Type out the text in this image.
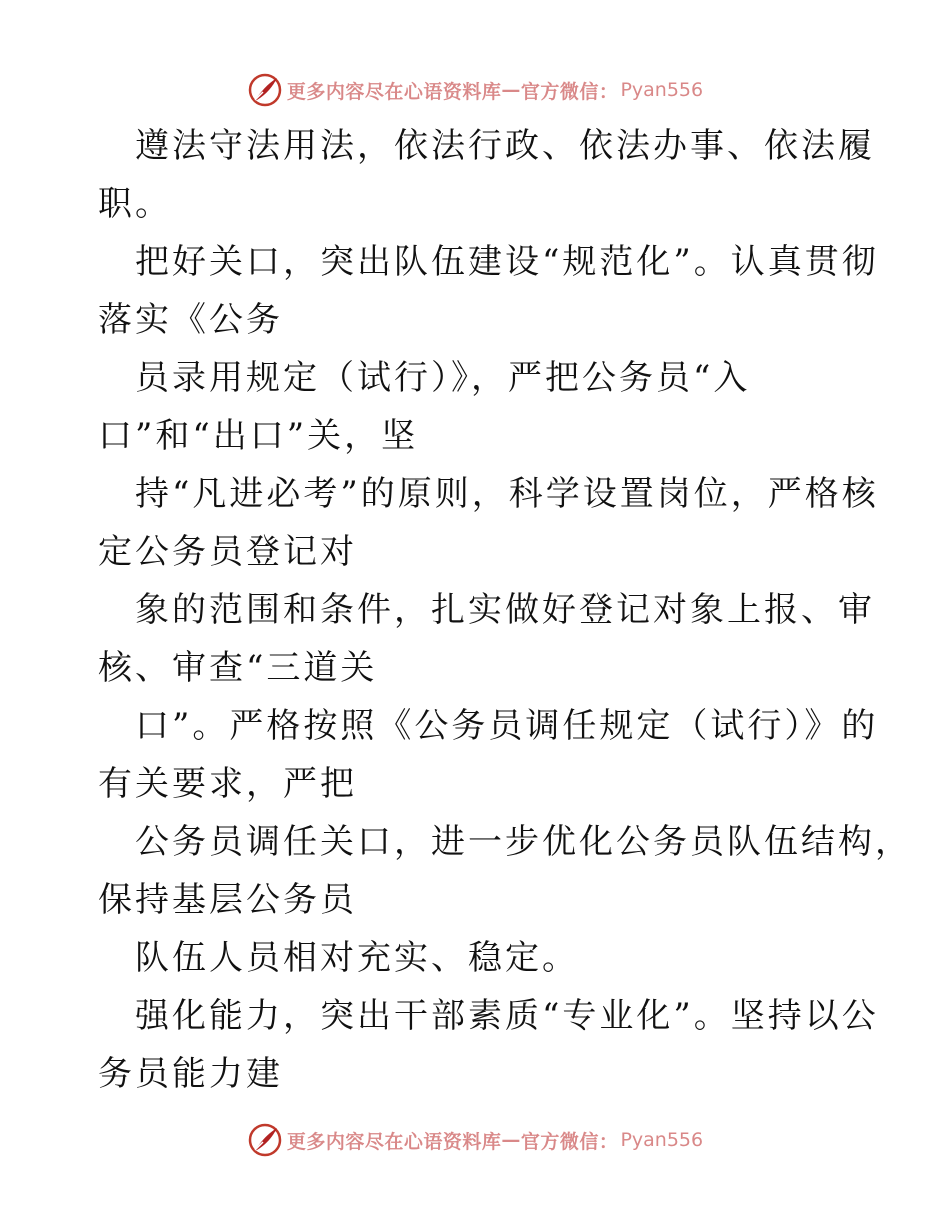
更多内容尽在心语资料库 — 官方微信： Pyan556
遵法守法用法，依法行政、依法办事、依法履
职。
把好关口，突出队伍建设“规范化”。认真贯彻
落实《公务
员录用规定（试行）》，严把公务员“入
口”和“出口”关，坚
持“凡进必考”的原则，科学设置岗位，严格核
定公务员登记对
象的范围和条件，扎实做好登记对象上报、审
核、审查“三道关
口”。严格按照《公务员调任规定（试行）》的
有关要求，严把
公务员调任关口，进一步优化公务员队伍结构，
保持基层公务员
队伍人员相对充实、稳定。
强化能力，突出干部素质“专业化”。坚持以公
务员能力建
更多内容尽在心语资料库 — 官方微信： Pyan556
